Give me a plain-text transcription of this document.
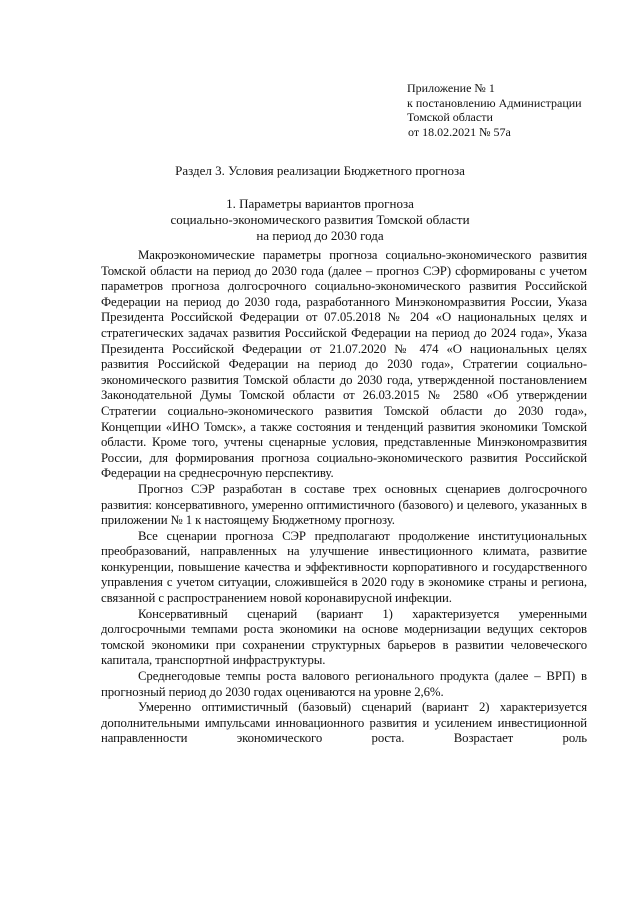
Приложение № 1
к постановлению Администрации
Томской области
от 18.02.2021 № 57а
Раздел 3. Условия реализации Бюджетного прогноза
1. Параметры вариантов прогноза
социально-экономического развития Томской области
на период до 2030 года

Макроэкономические параметры прогноза социально-экономического развития Томской области на период до 2030 года (далее – прогноз СЭР) сформированы с учетом параметров прогноза долгосрочного социально-экономического развития Российской Федерации на период до 2030 года, разработанного Минэкономразвития России, Указа Президента Российской Федерации от 07.05.2018 № 204 «О национальных целях и стратегических задачах развития Российской Федерации на период до 2024 года», Указа Президента Российской Федерации от 21.07.2020 № 474 «О национальных целях развития Российской Федерации на период до 2030 года», Стратегии социально-экономического развития Томской области до 2030 года, утвержденной постановлением Законодательной Думы Томской области от 26.03.2015 № 2580 «Об утверждении Стратегии социально-экономического развития Томской области до 2030 года», Концепции «ИНО Томск», а также состояния и тенденций развития экономики Томской области. Кроме того, учтены сценарные условия, представленные Минэкономразвития России, для формирования прогноза социально-экономического развития Российской Федерации на среднесрочную перспективу.

Прогноз СЭР разработан в составе трех основных сценариев долгосрочного развития: консервативного, умеренно оптимистичного (базового) и целевого, указанных в приложении № 1 к настоящему Бюджетному прогнозу.

Все сценарии прогноза СЭР предполагают продолжение институциональных преобразований, направленных на улучшение инвестиционного климата, развитие конкуренции, повышение качества и эффективности корпоративного и государственного управления с учетом ситуации, сложившейся в 2020 году в экономике страны и региона, связанной с распространением новой коронавирусной инфекции.

Консервативный сценарий (вариант 1) характеризуется умеренными долгосрочными темпами роста экономики на основе модернизации ведущих секторов томской экономики при сохранении структурных барьеров в развитии человеческого капитала, транспортной инфраструктуры.

Среднегодовые темпы роста валового регионального продукта (далее – ВРП) в прогнозный период до 2030 годах оцениваются на уровне 2,6%.

Умеренно оптимистичный (базовый) сценарий (вариант 2) характеризуется дополнительными импульсами инновационного развития и усилением инвестиционной направленности экономического роста. Возрастает роль
